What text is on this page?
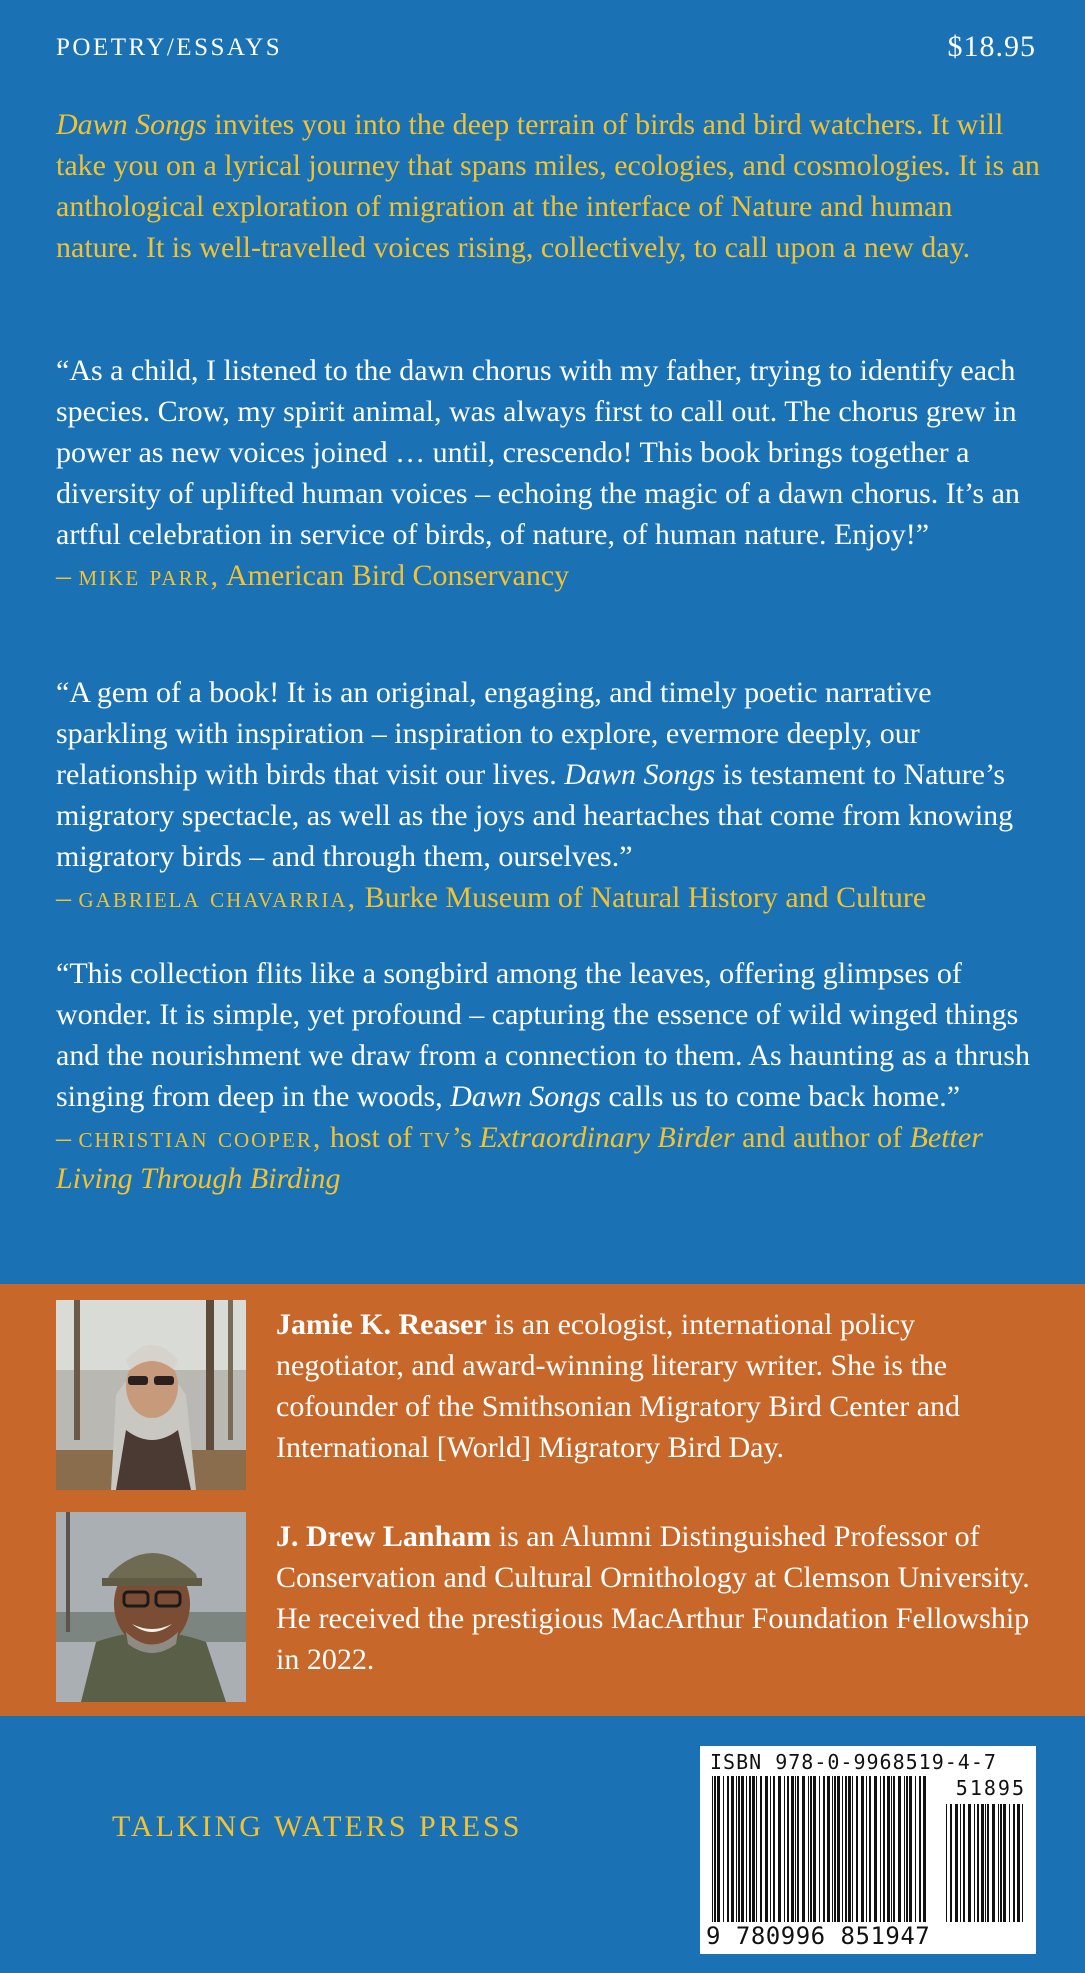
POETRY/ESSAYS	$18.95

Dawn Songs invites you into the deep terrain of birds and bird watchers. It will take you on a lyrical journey that spans miles, ecologies, and cosmologies. It is an anthological exploration of migration at the interface of Nature and human nature. It is well-travelled voices rising, collectively, to call upon a new day.

“As a child, I listened to the dawn chorus with my father, trying to identify each species. Crow, my spirit animal, was always first to call out. The chorus grew in power as new voices joined … until, crescendo! This book brings together a diversity of uplifted human voices – echoing the magic of a dawn chorus. It’s an artful celebration in service of birds, of nature, of human nature. Enjoy!”
– mike parr, American Bird Conservancy

“A gem of a book! It is an original, engaging, and timely poetic narrative sparkling with inspiration – inspiration to explore, evermore deeply, our relationship with birds that visit our lives. Dawn Songs is testament to Nature’s migratory spectacle, as well as the joys and heartaches that come from knowing migratory birds – and through them, ourselves.”
– gabriela chavarria, Burke Museum of Natural History and Culture

“This collection flits like a songbird among the leaves, offering glimpses of wonder. It is simple, yet profound – capturing the essence of wild winged things and the nourishment we draw from a connection to them. As haunting as a thrush singing from deep in the woods, Dawn Songs calls us to come back home.”
– christian cooper, host of tv’s Extraordinary Birder and author of Better Living Through Birding

Jamie K. Reaser is an ecologist, international policy negotiator, and award-winning literary writer. She is the cofounder of the Smithsonian Migratory Bird Center and International [World] Migratory Bird Day.

J. Drew Lanham is an Alumni Distinguished Professor of Conservation and Cultural Ornithology at Clemson University. He received the prestigious MacArthur Foundation Fellowship in 2022.

TALKING WATERS PRESS
ISBN 978-0-9968519-4-7
51895
9 780996 851947
